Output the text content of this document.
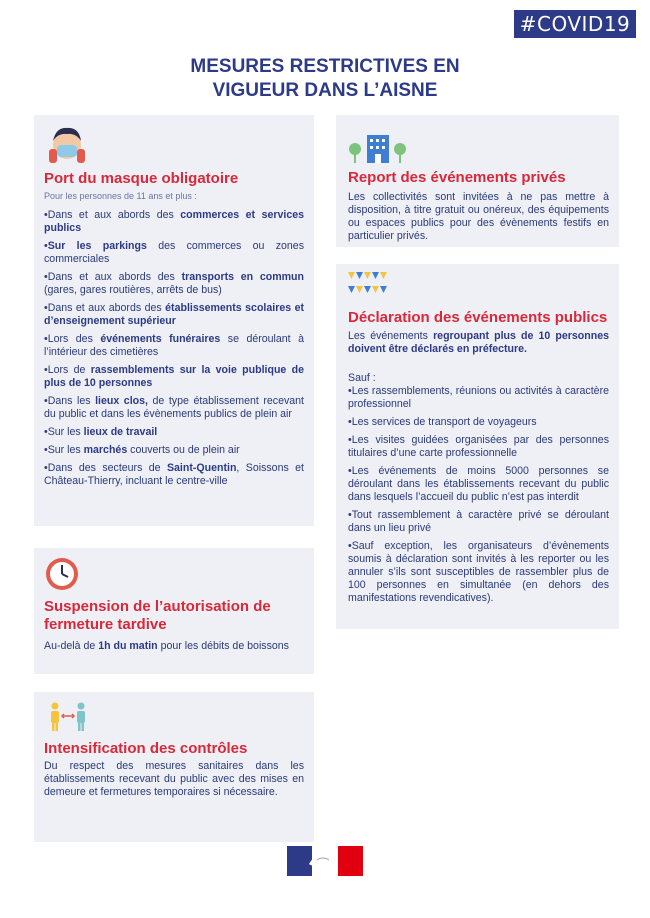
#COVID19
MESURES RESTRICTIVES EN
VIGUEUR DANS L’AISNE
Port du masque obligatoire

Pour les personnes de 11 ans et plus :

•Dans et aux abords des commerces et services publics

•Sur les parkings des commerces ou zones commerciales

•Dans et aux abords des transports en commun (gares, gares routières, arrêts de bus)

•Dans et aux abords des établissements scolaires et d’enseignement supérieur

•Lors des événements funéraires se déroulant à l’intérieur des cimetières

•Lors de rassemblements sur la voie publique de plus de 10 personnes

•Dans les lieux clos, de type établissement recevant du public et dans les évènements publics de plein air

•Sur les lieux de travail

•Sur les marchés couverts ou de plein air

•Dans des secteurs de Saint-Quentin, Soissons et Château-Thierry, incluant le centre-ville

Suspension de l’autorisation de fermeture tardive

Au-delà de 1h du matin pour les débits de boissons

Intensification des contrôles

Du respect des mesures sanitaires dans les établissements recevant du public avec des mises en demeure et fermetures temporaires si nécessaire.

Report des événements privés

Les collectivités sont invitées à ne pas mettre à disposition, à titre gratuit ou onéreux, des équipements ou espaces publics pour des évènements festifs en particulier privés.

Déclaration des événements publics

Les événements regroupant plus de 10 personnes doivent être déclarés en préfecture.

Sauf :

•Les rassemblements, réunions ou activités à caractère professionnel

•Les services de transport de voyageurs

•Les visites guidées organisées par des personnes titulaires d’une carte professionnelle

•Les événements de moins 5000 personnes se déroulant dans les établissements recevant du public dans lesquels l’accueil du public n’est pas interdit

•Tout rassemblement à caractère privé se déroulant dans un lieu privé

•Sauf exception, les organisateurs d’évènements soumis à déclaration sont invités à les reporter ou les annuler s’ils sont susceptibles de rassembler plus de 100 personnes en simultanée (en dehors des manifestations revendicatives).
